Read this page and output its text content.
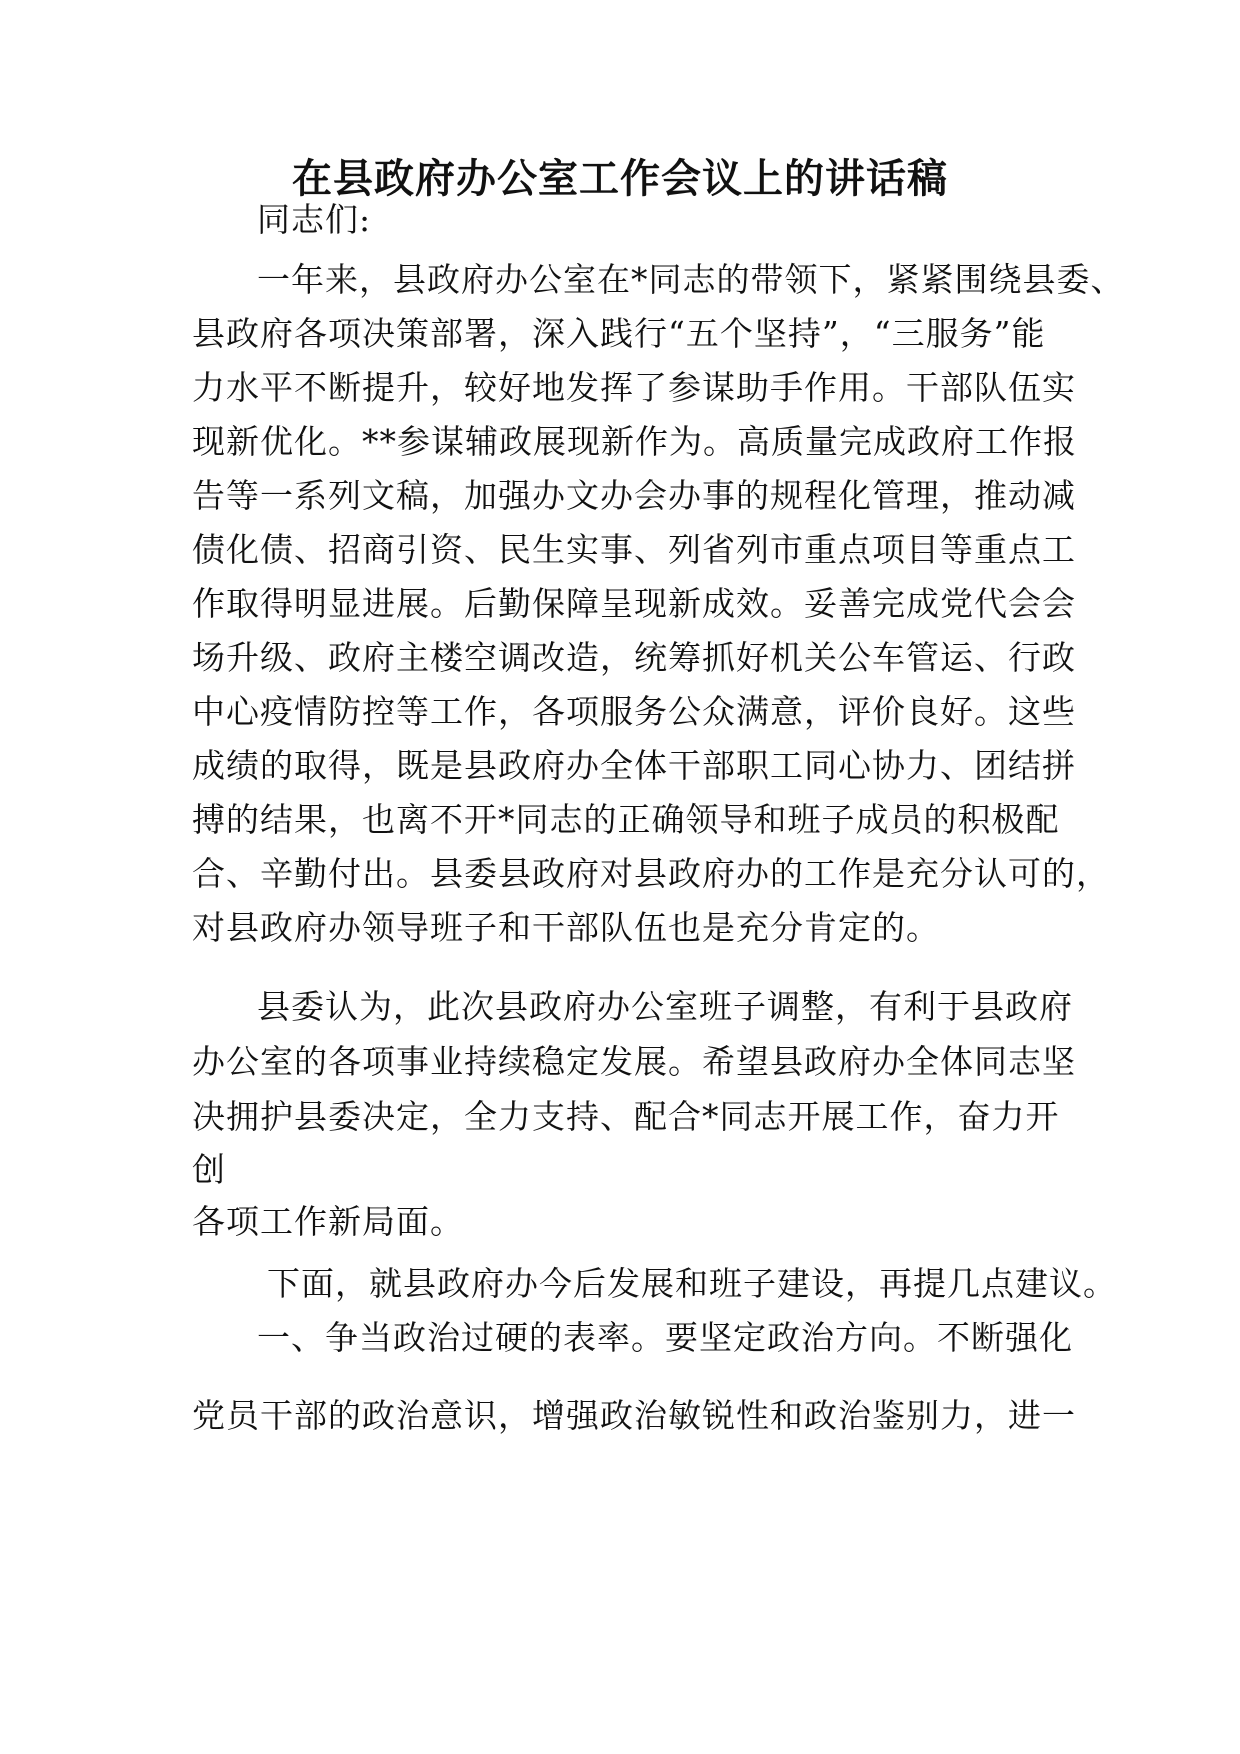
在县政府办公室工作会议上的讲话稿

同志们:

一年来，县政府办公室在*同志的带领下，紧紧围绕县委、

县政府各项决策部署，深入践行“五个坚持”，“三服务”能

力水平不断提升，较好地发挥了参谋助手作用。干部队伍实

现新优化。**参谋辅政展现新作为。高质量完成政府工作报

告等一系列文稿，加强办文办会办事的规程化管理，推动减

债化债、招商引资、民生实事、列省列市重点项目等重点工

作取得明显进展。后勤保障呈现新成效。妥善完成党代会会

场升级、政府主楼空调改造，统筹抓好机关公车管运、行政

中心疫情防控等工作，各项服务公众满意，评价良好。这些

成绩的取得，既是县政府办全体干部职工同心协力、团结拼

搏的结果，也离不开*同志的正确领导和班子成员的积极配

合、辛勤付出。县委县政府对县政府办的工作是充分认可的，

对县政府办领导班子和干部队伍也是充分肯定的。

县委认为，此次县政府办公室班子调整，有利于县政府

办公室的各项事业持续稳定发展。希望县政府办全体同志坚

决拥护县委决定，全力支持、配合*同志开展工作，奋力开

创

各项工作新局面。

下面，就县政府办今后发展和班子建设，再提几点建议。

一、争当政治过硬的表率。要坚定政治方向。不断强化

党员干部的政治意识，增强政治敏锐性和政治鉴别力，进一
